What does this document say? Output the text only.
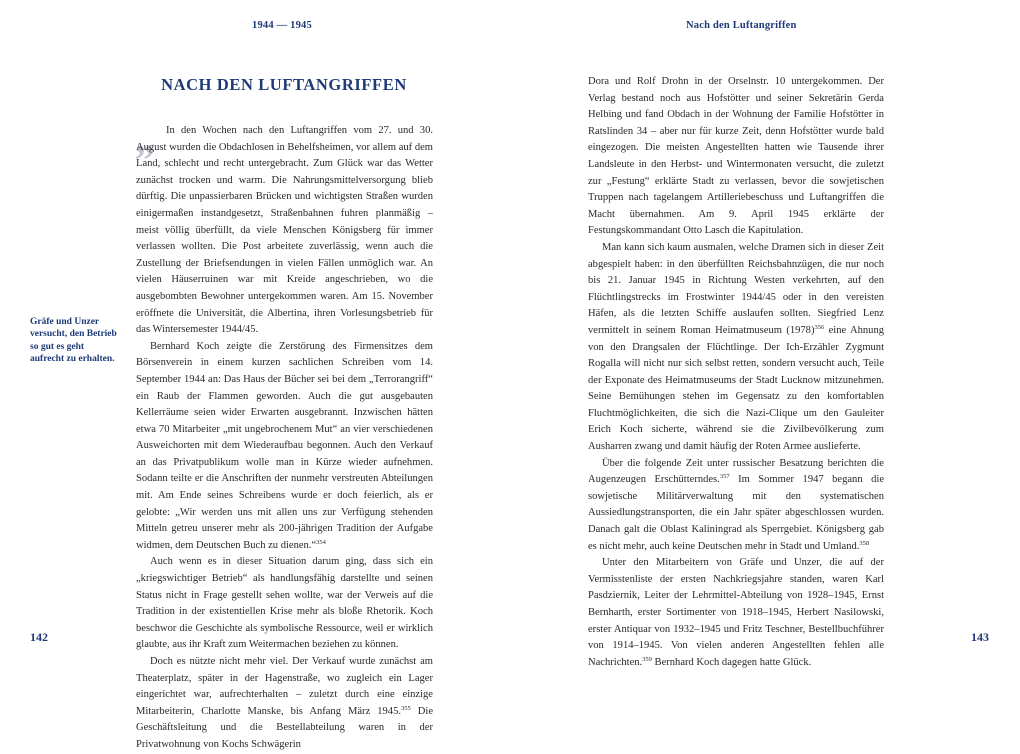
1944 — 1945
NACH DEN LUFTANGRIFFEN

Gräfe und Unzer versucht, den Betrieb so gut es geht aufrecht zu erhalten.

„ In den Wochen nach den Luftangriffen vom 27. und 30. August wurden die Obdachlosen in Behelfsheimen, vor allem auf dem Land, schlecht und recht untergebracht. Zum Glück war das Wetter zunächst trocken und warm. Die Nahrungsmittelversorgung blieb dürftig. Die unpassierbaren Brücken und wichtigsten Straßen wurden einigermaßen instandgesetzt, Straßenbahnen fuhren planmäßig – meist völlig überfüllt, da viele Menschen Königsberg für immer verlassen wollten. Die Post arbeitete zuverlässig, wenn auch die Zustellung der Briefsendungen in vielen Fällen unmöglich war. An vielen Häuserruinen war mit Kreide angeschrieben, wo die ausgebombten Bewohner untergekommen waren. Am 15. November eröffnete die Universität, die Albertina, ihren Vorlesungsbetrieb für das Wintersemester 1944/45.

Bernhard Koch zeigte die Zerstörung des Firmensitzes dem Börsenverein in einem kurzen sachlichen Schreiben vom 14. September 1944 an: Das Haus der Bücher sei bei dem „Terrorangriff“ ein Raub der Flammen geworden. Auch die gut ausgebauten Kellerräume seien wider Erwarten ausgebrannt. Inzwischen hätten etwa 70 Mitarbeiter „mit ungebrochenem Mut“ an vier verschiedenen Ausweichorten mit dem Wiederaufbau begonnen. Auch den Verkauf an das Privatpublikum wolle man in Kürze wieder aufnehmen. Sodann teilte er die Anschriften der nunmehr verstreuten Abteilungen mit. Am Ende seines Schreibens wurde er doch feierlich, als er gelobte: „Wir werden uns mit allen uns zur Verfügung stehenden Mitteln getreu unserer mehr als 200-jährigen Tradition der Aufgabe widmen, dem Deutschen Buch zu dienen.“$^{354}$

Auch wenn es in dieser Situation darum ging, dass sich ein „kriegswichtiger Betrieb“ als handlungsfähig darstellte und seinen Status nicht in Frage gestellt sehen wollte, war der Verweis auf die Tradition in der existentiellen Krise mehr als bloße Rhetorik. Koch beschwor die Geschichte als symbolische Ressource, weil er wirklich glaubte, aus ihr Kraft zum Weitermachen beziehen zu können.

Doch es nützte nicht mehr viel. Der Verkauf wurde zunächst am Theaterplatz, später in der Hagenstraße, wo zugleich ein Lager eingerichtet war, aufrechterhalten – zuletzt durch eine einzige Mitarbeiterin, Charlotte Manske, bis Anfang März 1945.$^{355}$ Die Geschäftsleitung und die Bestellabteilung waren in der Privatwohnung von Kochs Schwägerin

142
Nach den Luftangriffen

Dora und Rolf Drohn in der Orselnstr. 10 untergekommen. Der Verlag bestand noch aus Hofstötter und seiner Sekretärin Gerda Helbing und fand Obdach in der Wohnung der Familie Hofstötter in Ratslinden 34 – aber nur für kurze Zeit, denn Hofstötter wurde bald eingezogen. Die meisten Angestellten hatten wie Tausende ihrer Landsleute in den Herbst- und Wintermonaten versucht, die zuletzt zur „Festung“ erklärte Stadt zu verlassen, bevor die sowjetischen Truppen nach tagelangem Artilleriebeschuss und Luftangriffen die Macht übernahmen. Am 9. April 1945 erklärte der Festungskommandant Otto Lasch die Kapitulation.

Man kann sich kaum ausmalen, welche Dramen sich in dieser Zeit abgespielt haben: in den überfüllten Reichsbahnzügen, die nur noch bis 21. Januar 1945 in Richtung Westen verkehrten, auf den Flüchtlingstrecks im Frostwinter 1944/45 oder in den vereisten Häfen, als die letzten Schiffe auslaufen sollten. Siegfried Lenz vermittelt in seinem Roman Heimatmuseum $(1978)^{356}$ eine Ahnung von den Drangsalen der Flüchtlinge. Der Ich-Erzähler Zygmunt Rogalla will nicht nur sich selbst retten, sondern versucht auch, Teile der Exponate des Heimatmuseums der Stadt Lucknow mitzunehmen. Seine Bemühungen stehen im Gegensatz zu den komfortablen Fluchtmöglichkeiten, die sich die Nazi-Clique um den Gauleiter Erich Koch sicherte, während sie die Zivilbevölkerung zum Ausharren zwang und damit häufig der Roten Armee auslieferte.

Über die folgende Zeit unter russischer Besatzung berichten die Augenzeugen Erschütterndes.$^{357}$ Im Sommer 1947 begann die sowjetische Militärverwaltung mit den systematischen Aussiedlungstransporten, die ein Jahr später abgeschlossen wurden. Danach galt die Oblast Kaliningrad als Sperrgebiet. Königsberg gab es nicht mehr, auch keine Deutschen mehr in Stadt und Umland.$^{358}$

Unter den Mitarbeitern von Gräfe und Unzer, die auf der Vermisstenliste der ersten Nachkriegsjahre standen, waren Karl Pasdziernik, Leiter der Lehrmittel-Abteilung von 1928–1945, Ernst Bernharth, erster Sortimenter von 1918–1945, Herbert Nasilowski, erster Antiquar von 1932–1945 und Fritz Teschner, Bestellbuchführer von 1914–1945. Von vielen anderen Angestellten fehlen alle Nachrichten.$^{359}$ Bernhard Koch dagegen hatte Glück.

143
